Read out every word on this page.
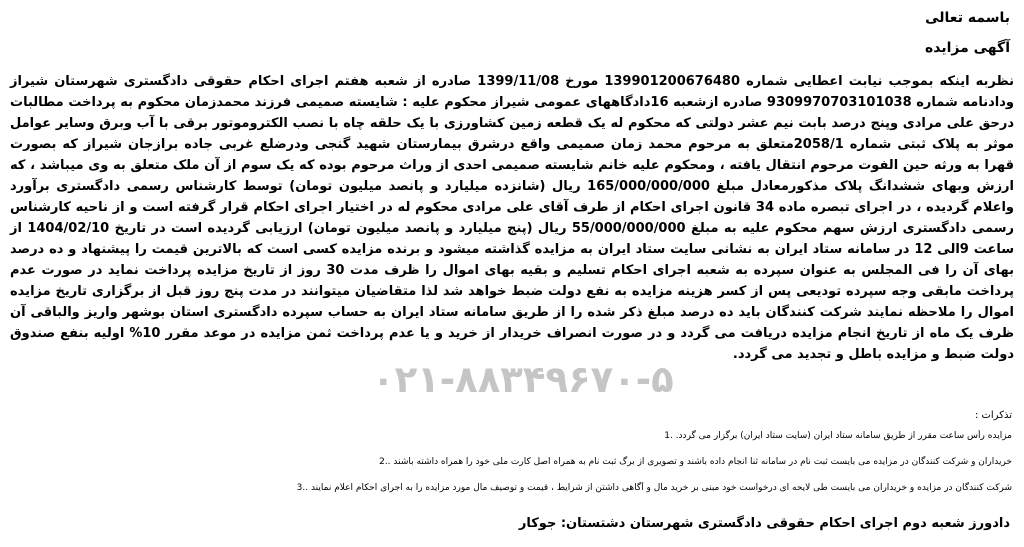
باسمه تعالی
آگهی مزایده

نظربه اینکه بموجب نیابت اعطایی شماره 139901200676480 مورخ 1399/11/08 صادره از شعبه هفتم اجرای احکام حقوقی دادگستری شهرستان شیراز ودادنامه شماره 9309970703101038 صادره ازشعبه 16دادگاههای عمومی شیراز محکوم علیه : شایسته صمیمی فرزند محمدزمان محکوم به پرداخت مطالبات درحق علی مرادی وپنج درصد بابت نیم عشر دولتی که محکوم له یک قطعه زمین کشاورزی با یک حلقه چاه با نصب الکتروموتور برقی با آب وبرق وسایر عوامل موثر به پلاک ثبتی شماره 2058/1متعلق به مرحوم محمد زمان صمیمی واقع درشرق بیمارستان شهید گنجی ودرضلع غربی جاده برازجان شیراز که بصورت قهرا به ورثه حین الفوت مرحوم انتقال یافته ، ومحکوم علیه خانم شایسته صمیمی احدی از وراث مرحوم بوده که یک سوم از آن ملک متعلق به وی میباشد ، که ارزش وبهای ششدانگ پلاک مذکورمعادل مبلغ 165/000/000/000 ریال (شانزده میلیارد و پانصد میلیون تومان) توسط کارشناس رسمی دادگستری برآورد واعلام گردیده ، در اجرای تبصره ماده 34 قانون اجرای احکام از طرف آقای علی مرادی محکوم له در اختیار اجرای احکام قرار گرفته است و از ناحیه کارشناس رسمی دادگستری ارزش سهم محکوم علیه به مبلغ 55/000/000/000 ریال (پنج میلیارد و پانصد میلیون تومان) ارزیابی گردیده است در تاریخ 1404/02/10 از ساعت 9الی 12 در سامانه ستاد ایران به نشانی سایت ستاد ایران به مزایده گذاشته میشود و برنده مزایده کسی است که بالاترین قیمت را پیشنهاد و ده درصد بهای آن را فی المجلس به عنوان سپرده به شعبه اجرای احکام تسلیم و بقیه بهای اموال را ظرف مدت 30 روز از تاریخ مزایده پرداخت نماید در صورت عدم پرداخت مابقی وجه سپرده تودیعی پس از کسر هزینه مزایده به نفع دولت ضبط خواهد شد لذا متقاضیان میتوانند در مدت پنج روز قبل از برگزاری تاریخ مزایده اموال را ملاحظه نمایند شرکت کنندگان باید ده درصد مبلغ ذکر شده را از طریق سامانه ستاد ایران به حساب سپرده دادگستری استان بوشهر واریز والباقی آن ظرف یک ماه از تاریخ انجام مزایده دریافت می گردد و در صورت انصراف خریدار از خرید و یا عدم پرداخت ثمن مزایده در موعد مقرر 10% اولیه بنفع صندوق دولت ضبط و مزایده باطل و تجدید می گردد.

۰۲۱-۸۸۳۴۹۶۷۰-۵
تذکرات :
مزایده رأس ساعت مقرر از طریق سامانه ستاد ایران (سایت ستاد ایران) برگزار می گردد. .1
خریداران و شرکت کنندگان در مزایده می بایست ثبت نام در سامانه ثنا انجام داده باشند و تصویری از برگ ثبت نام به همراه اصل کارت ملی خود را همراه داشته باشند ..2
شرکت کنندگان در مزایده و خریداران می بایست طی لایحه ای درخواست خود مبنی بر خرید مال و آگاهی داشتن از شرایط ، قیمت و توصیف مال مورد مزایده را به اجرای احکام اعلام نمایند ..3
دادورز شعبه دوم اجرای احکام حقوقی دادگستری شهرستان دشتستان: جوکار
